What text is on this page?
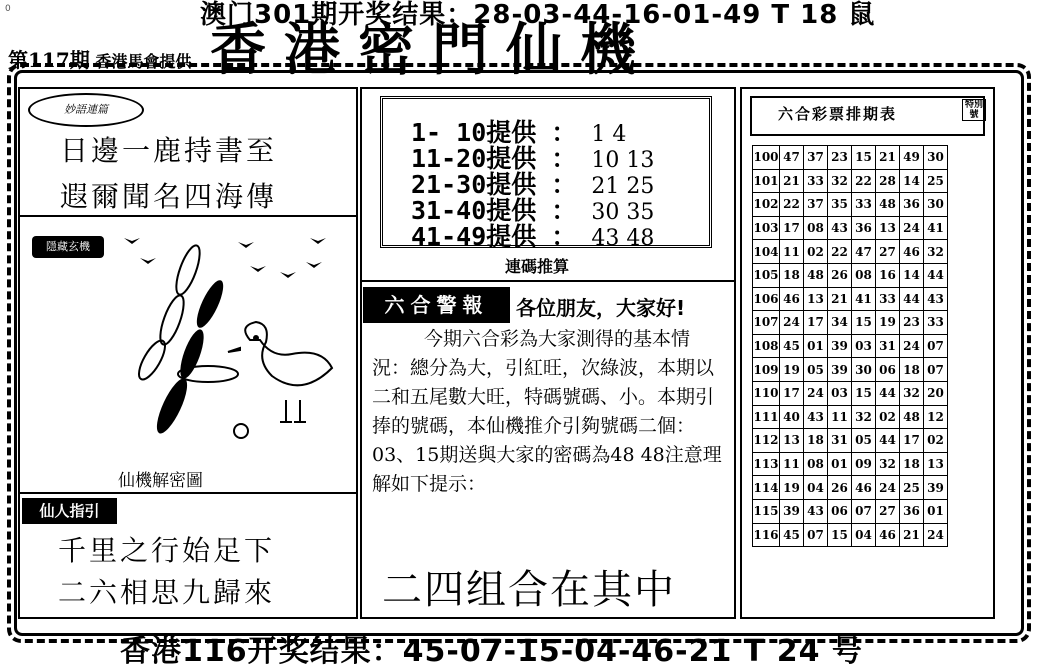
0	澳门301期开奖结果：28-03-44-16-01-49 T 18 鼠
第117期 香港馬會提供 香港密門仙機
妙語連篇
日邊一鹿持書至
遐爾聞名四海傳
隱藏玄機
仙機解密圖
仙人指引
千里之行始足下
二六相思九歸來
1- 10提供 ： 1 4
11-20提供 ： 10 13
21-30提供 ： 21 25
31-40提供 ： 30 35
41-49提供 ： 43 48
連碼推算
六合警報	各位朋友，大家好!
今期六合彩為大家測得的基本情況：總分為大，引紅旺，次綠波，本期以二和五尾數大旺，特碼號碼、小。本期引捧的號碼，本仙機推介引夠號碼二個：03、15期送與大家的密碼為48 48注意理解如下提示：
二四组合在其中
六合彩票排期表	特別號
100	47	37	23	15	21	49	30
101	21	33	32	22	28	14	25
102	22	37	35	33	48	36	30
103	17	08	43	36	13	24	41
104	11	02	22	47	27	46	32
105	18	48	26	08	16	14	44
106	46	13	21	41	33	44	43
107	24	17	34	15	19	23	33
108	45	01	39	03	31	24	07
109	19	05	39	30	06	18	07
110	17	24	03	15	44	32	20
111	40	43	11	32	02	48	12
112	13	18	31	05	44	17	02
113	11	08	01	09	32	18	13
114	19	04	26	46	24	25	39
115	39	43	06	07	27	36	01
116	45	07	15	04	46	21	24
香港116开奖结果：45-07-15-04-46-21 T 24 号
